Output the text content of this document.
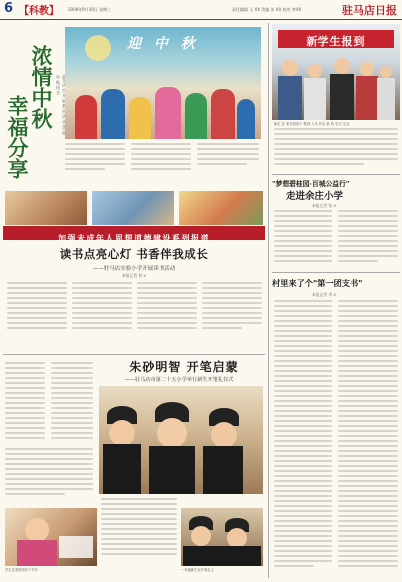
6 【科教】 2009年9月30日 星期三	责任编辑 王 XX 美编 张 XX 校对 李XX	驻马店日报
浓情中秋
幸福分享
中 秋 佳 节
迎 中 秋
加强未成年人思想道德建设系列报道
读书点亮心灯 书香伴我成长
——驻马店实验小学开展读书活动
本报记者 何 X
朱砂明智 开笔启蒙
——驻马店市第二十五小学举行新生开笔礼仪式
学生在老师指导下书写	一年级新生在开笔礼上
新学生报到
新生 在 家长陪同下 报到 入学 开启 新 的 学习 生活
"梦想碧桂园·百城公益行"
走进余庄小学
本报记者 张 X
村里来了个"第一团支书"
本报记者 李 X
